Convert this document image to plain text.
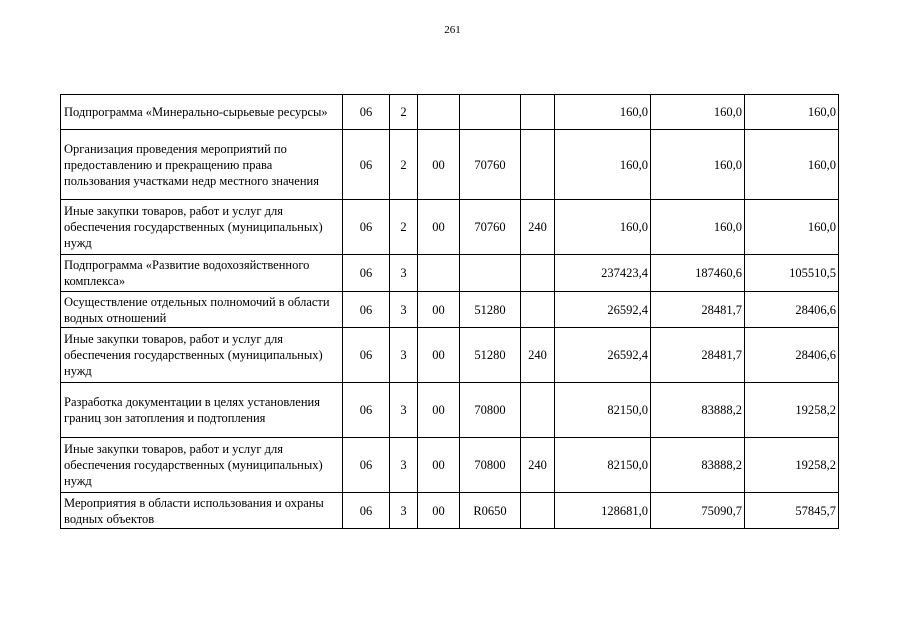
261
Подпрограмма «Минерально-сырьевые ресурсы»	06	2				160,0	160,0	160,0
Организация проведения мероприятий по предоставлению и прекращению права пользования участками недр местного значения	06	2	00	70760		160,0	160,0	160,0
Иные закупки товаров, работ и услуг для обеспечения государственных (муниципальных) нужд	06	2	00	70760	240	160,0	160,0	160,0
Подпрограмма «Развитие водохозяйственного комплекса»	06	3				237423,4	187460,6	105510,5
Осуществление отдельных полномочий в области водных отношений	06	3	00	51280		26592,4	28481,7	28406,6
Иные закупки товаров, работ и услуг для обеспечения государственных (муниципальных) нужд	06	3	00	51280	240	26592,4	28481,7	28406,6
Разработка документации в целях установления границ зон затопления и подтопления	06	3	00	70800		82150,0	83888,2	19258,2
Иные закупки товаров, работ и услуг для обеспечения государственных (муниципальных) нужд	06	3	00	70800	240	82150,0	83888,2	19258,2
Мероприятия в области использования и охраны водных объектов	06	3	00	R0650		128681,0	75090,7	57845,7
